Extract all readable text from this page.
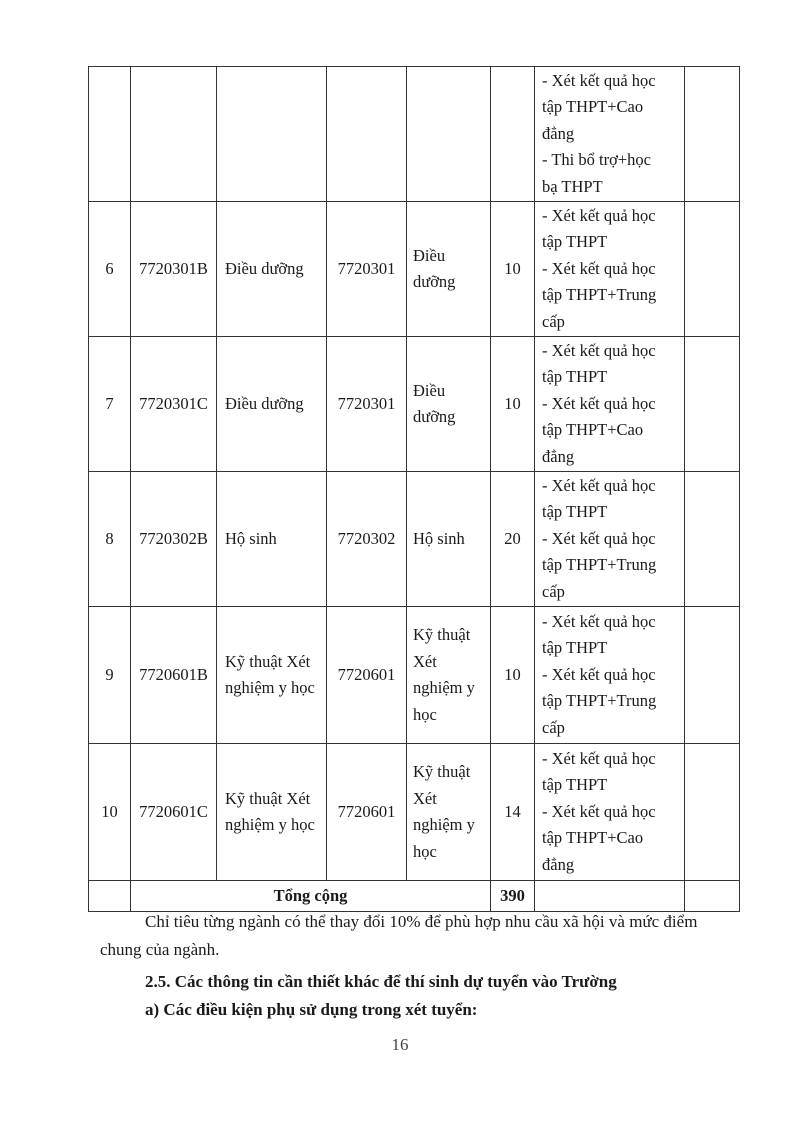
						- Xét kết quả học
tập THPT+Cao
đẳng
- Thi bổ trợ+học
bạ THPT	

6	7720301B	Điều dưỡng	7720301	Điều dưỡng	10	- Xét kết quả học
tập THPT
- Xét kết quả học
tập THPT+Trung
cấp	

7	7720301C	Điều dưỡng	7720301	Điều dưỡng	10	- Xét kết quả học
tập THPT
- Xét kết quả học
tập THPT+Cao
đẳng	

8	7720302B	Hộ sinh	7720302	Hộ sinh	20	- Xét kết quả học
tập THPT
- Xét kết quả học
tập THPT+Trung
cấp	

9	7720601B	Kỹ thuật Xét nghiệm y học	7720601	Kỹ thuật Xét nghiệm y học	10	- Xét kết quả học
tập THPT
- Xét kết quả học
tập THPT+Trung
cấp	

10	7720601C	Kỹ thuật Xét nghiệm y học	7720601	Kỹ thuật Xét nghiệm y học	14	- Xét kết quả học
tập THPT
- Xét kết quả học
tập THPT+Cao
đẳng	

	Tổng cộng				390		

Chỉ tiêu từng ngành có thể thay đổi 10% để phù hợp nhu cầu xã hội và mức điểm chung của ngành.

2.5. Các thông tin cần thiết khác để thí sinh dự tuyển vào Trường

a) Các điều kiện phụ sử dụng trong xét tuyển:

16
